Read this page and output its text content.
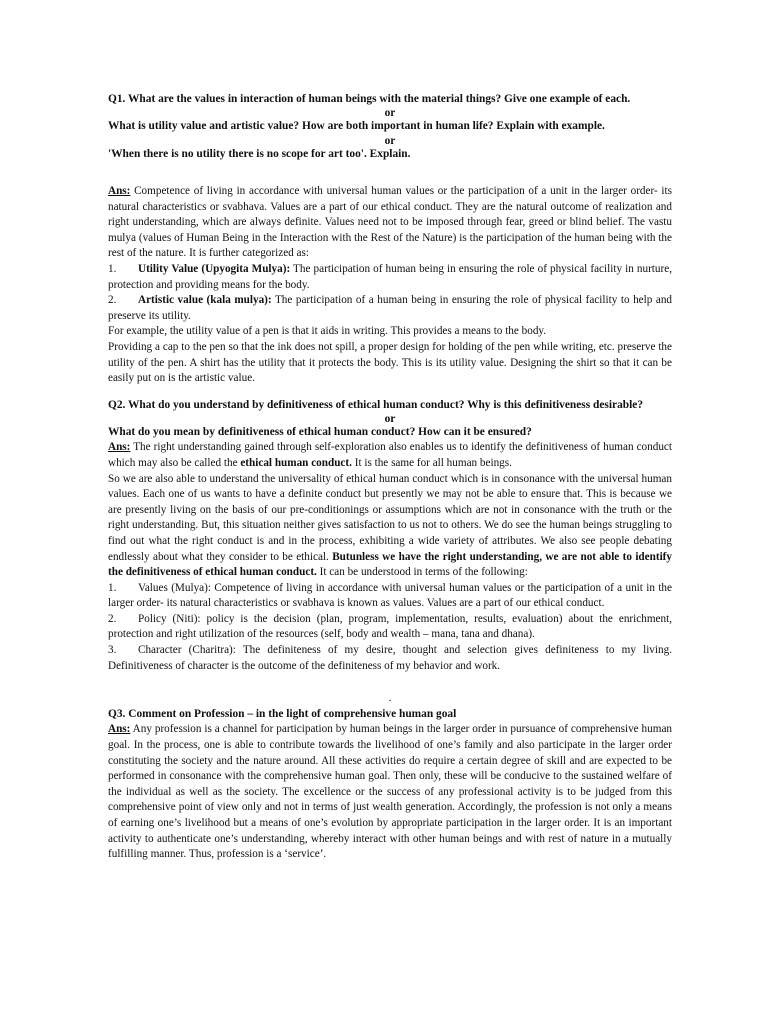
Q1. What are the values in interaction of human beings with the material things? Give one example of each.

or

What is utility value and artistic value? How are both important in human life? Explain with example.

or

'When there is no utility there is no scope for art too'. Explain.

Ans: Competence of living in accordance with universal human values or the participation of a unit in the larger order- its natural characteristics or svabhava. Values are a part of our ethical conduct. They are the natural outcome of realization and right understanding, which are always definite. Values need not to be imposed through fear, greed or blind belief. The vastu mulya (values of Human Being in the Interaction with the Rest of the Nature) is the participation of the human being with the rest of the nature. It is further categorized as:

1. Utility Value (Upyogita Mulya): The participation of human being in ensuring the role of physical facility in nurture, protection and providing means for the body.

2. Artistic value (kala mulya): The participation of a human being in ensuring the role of physical facility to help and preserve its utility.

For example, the utility value of a pen is that it aids in writing. This provides a means to the body.

Providing a cap to the pen so that the ink does not spill, a proper design for holding of the pen while writing, etc. preserve the utility of the pen. A shirt has the utility that it protects the body. This is its utility value. Designing the shirt so that it can be easily put on is the artistic value.

Q2. What do you understand by definitiveness of ethical human conduct? Why is this definitiveness desirable?

or

What do you mean by definitiveness of ethical human conduct? How can it be ensured?

Ans: The right understanding gained through self-exploration also enables us to identify the definitiveness of human conduct which may also be called the ethical human conduct. It is the same for all human beings.

So we are also able to understand the universality of ethical human conduct which is in consonance with the universal human values. Each one of us wants to have a definite conduct but presently we may not be able to ensure that. This is because we are presently living on the basis of our pre-conditionings or assumptions which are not in consonance with the truth or the right understanding. But, this situation neither gives satisfaction to us not to others. We do see the human beings struggling to find out what the right conduct is and in the process, exhibiting a wide variety of attributes. We also see people debating endlessly about what they consider to be ethical. Butunless we have the right understanding, we are not able to identify the definitiveness of ethical human conduct. It can be understood in terms of the following:

1. Values (Mulya): Competence of living in accordance with universal human values or the participation of a unit in the larger order- its natural characteristics or svabhava is known as values. Values are a part of our ethical conduct.

2. Policy (Niti): policy is the decision (plan, program, implementation, results, evaluation) about the enrichment, protection and right utilization of the resources (self, body and wealth – mana, tana and dhana).

3. Character (Charitra): The definiteness of my desire, thought and selection gives definiteness to my living. Definitiveness of character is the outcome of the definiteness of my behavior and work.

.

Q3. Comment on Profession – in the light of comprehensive human goal

Ans: Any profession is a channel for participation by human beings in the larger order in pursuance of comprehensive human goal. In the process, one is able to contribute towards the livelihood of one’s family and also participate in the larger order constituting the society and the nature around. All these activities do require a certain degree of skill and are expected to be performed in consonance with the comprehensive human goal. Then only, these will be conducive to the sustained welfare of the individual as well as the society. The excellence or the success of any professional activity is to be judged from this comprehensive point of view only and not in terms of just wealth generation. Accordingly, the profession is not only a means of earning one’s livelihood but a means of one’s evolution by appropriate participation in the larger order. It is an important activity to authenticate one’s understanding, whereby interact with other human beings and with rest of nature in a mutually fulfilling manner. Thus, profession is a ‘service’.
